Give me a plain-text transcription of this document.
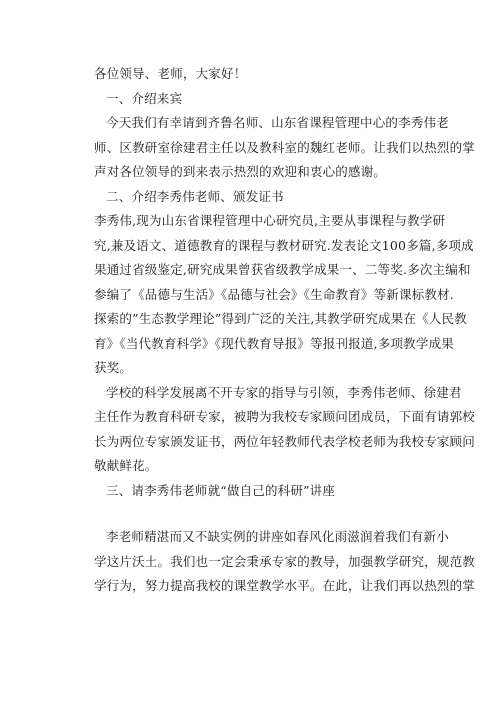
各位领导、老师，大家好！
一、介绍来宾
今天我们有幸请到齐鲁名师、山东省课程管理中心的李秀伟老
师、区教研室徐建君主任以及教科室的魏红老师。让我们以热烈的掌
声对各位领导的到来表示热烈的欢迎和衷心的感谢。
二、介绍李秀伟老师、颁发证书
李秀伟,现为山东省课程管理中心研究员,主要从事课程与教学研
究,兼及语文、道德教育的课程与教材研究.发表论文100多篇,多项成
果通过省级鉴定,研究成果曾获省级教学成果一、二等奖.多次主编和
参编了《品德与生活》《品德与社会》《生命教育》等新课标教材.
探索的”生态教学理论”得到广泛的关注,其教学研究成果在《人民教
育》《当代教育科学》《现代教育导报》等报刊报道,多项教学成果
获奖。
学校的科学发展离不开专家的指导与引领，李秀伟老师、徐建君
主任作为教育科研专家，被聘为我校专家顾问团成员，下面有请郭校
长为两位专家颁发证书，两位年轻教师代表学校老师为我校专家顾问
敬献鲜花。
三、请李秀伟老师就“做自己的科研”讲座
李老师精湛而又不缺实例的讲座如春风化雨滋润着我们有新小
学这片沃土。我们也一定会秉承专家的教导，加强教学研究，规范教
学行为，努力提高我校的课堂教学水平。在此，让我们再以热烈的掌
